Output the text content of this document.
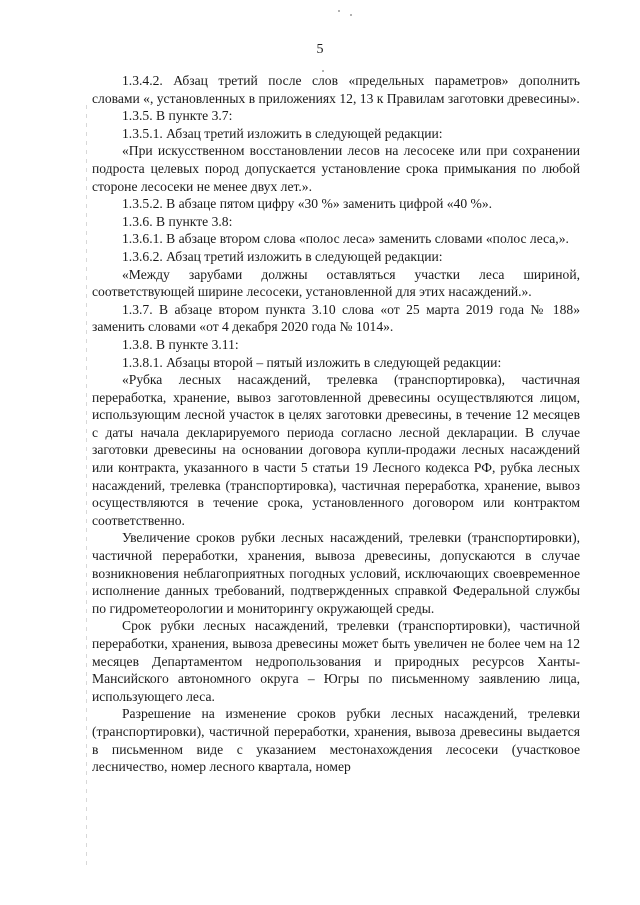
5

1.3.4.2. Абзац третий после слов «предельных параметров» дополнить словами «, установленных в приложениях 12, 13 к Правилам заготовки древесины».

1.3.5. В пункте 3.7:

1.3.5.1. Абзац третий изложить в следующей редакции:

«При искусственном восстановлении лесов на лесосеке или при сохранении подроста целевых пород допускается установление срока примыкания по любой стороне лесосеки не менее двух лет.».

1.3.5.2. В абзаце пятом цифру «30 %» заменить цифрой «40 %».

1.3.6. В пункте 3.8:

1.3.6.1. В абзаце втором слова «полос леса» заменить словами «полос леса,».

1.3.6.2. Абзац третий изложить в следующей редакции:

«Между зарубами должны оставляться участки леса шириной, соответствующей ширине лесосеки, установленной для этих насаждений.».

1.3.7. В абзаце втором пункта 3.10 слова «от 25 марта 2019 года № 188» заменить словами «от 4 декабря 2020 года № 1014».

1.3.8. В пункте 3.11:

1.3.8.1. Абзацы второй – пятый изложить в следующей редакции:

«Рубка лесных насаждений, трелевка (транспортировка), частичная переработка, хранение, вывоз заготовленной древесины осуществляются лицом, использующим лесной участок в целях заготовки древесины, в течение 12 месяцев с даты начала декларируемого периода согласно лесной декларации. В случае заготовки древесины на основании договора купли-продажи лесных насаждений или контракта, указанного в части 5 статьи 19 Лесного кодекса РФ, рубка лесных насаждений, трелевка (транспортировка), частичная переработка, хранение, вывоз осуществляются в течение срока, установленного договором или контрактом соответственно.

Увеличение сроков рубки лесных насаждений, трелевки (транспортировки), частичной переработки, хранения, вывоза древесины, допускаются в случае возникновения неблагоприятных погодных условий, исключающих своевременное исполнение данных требований, подтвержденных справкой Федеральной службы по гидрометеорологии и мониторингу окружающей среды.

Срок рубки лесных насаждений, трелевки (транспортировки), частичной переработки, хранения, вывоза древесины может быть увеличен не более чем на 12 месяцев Департаментом недропользования и природных ресурсов Ханты-Мансийского автономного округа – Югры по письменному заявлению лица, использующего леса.

Разрешение на изменение сроков рубки лесных насаждений, трелевки (транспортировки), частичной переработки, хранения, вывоза древесины выдается в письменном виде с указанием местонахождения лесосеки (участковое лесничество, номер лесного квартала, номер
